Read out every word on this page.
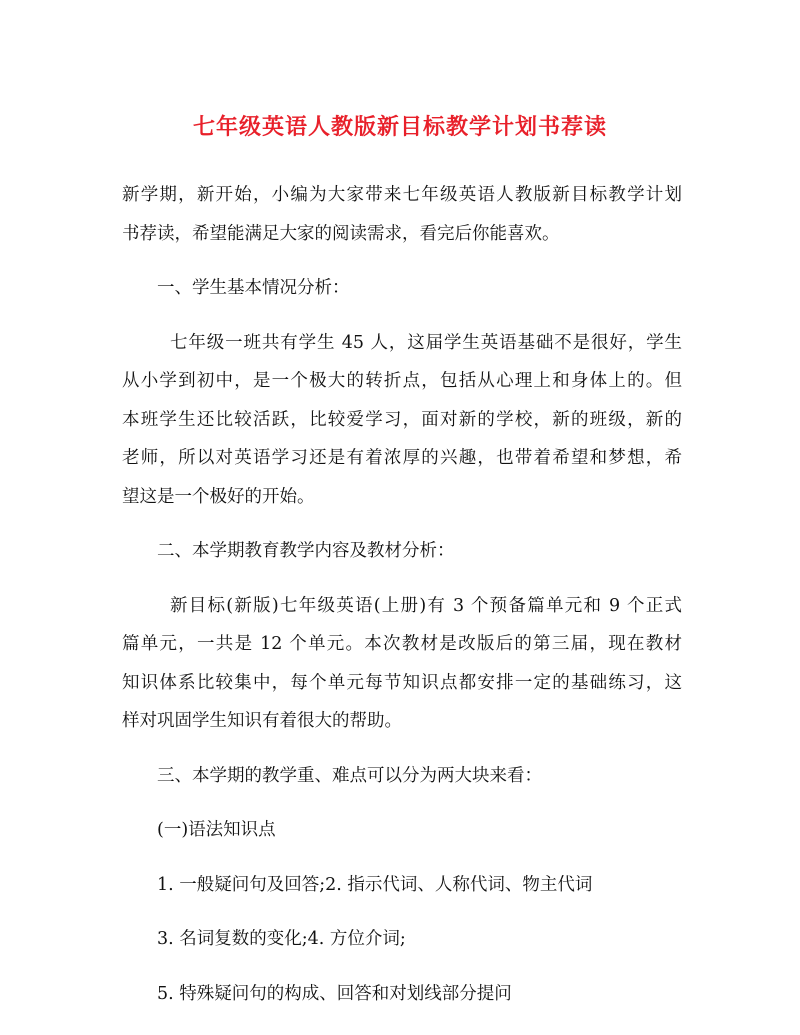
七年级英语人教版新目标教学计划书荐读

新学期，新开始，小编为大家带来七年级英语人教版新目标教学计划
书荐读，希望能满足大家的阅读需求，看完后你能喜欢。

一、学生基本情况分析：

七年级一班共有学生 45 人，这届学生英语基础不是很好，学生
从小学到初中，是一个极大的转折点，包括从心理上和身体上的。但
本班学生还比较活跃，比较爱学习，面对新的学校，新的班级，新的
老师，所以对英语学习还是有着浓厚的兴趣，也带着希望和梦想，希
望这是一个极好的开始。

二、本学期教育教学内容及教材分析：

新目标(新版)七年级英语(上册)有 3 个预备篇单元和 9 个正式
篇单元，一共是 12 个单元。本次教材是改版后的第三届，现在教材
知识体系比较集中，每个单元每节知识点都安排一定的基础练习，这
样对巩固学生知识有着很大的帮助。

三、本学期的教学重、难点可以分为两大块来看：

(一)语法知识点

1. 一般疑问句及回答;2. 指示代词、人称代词、物主代词

3. 名词复数的变化;4. 方位介词;

5. 特殊疑问句的构成、回答和对划线部分提问
